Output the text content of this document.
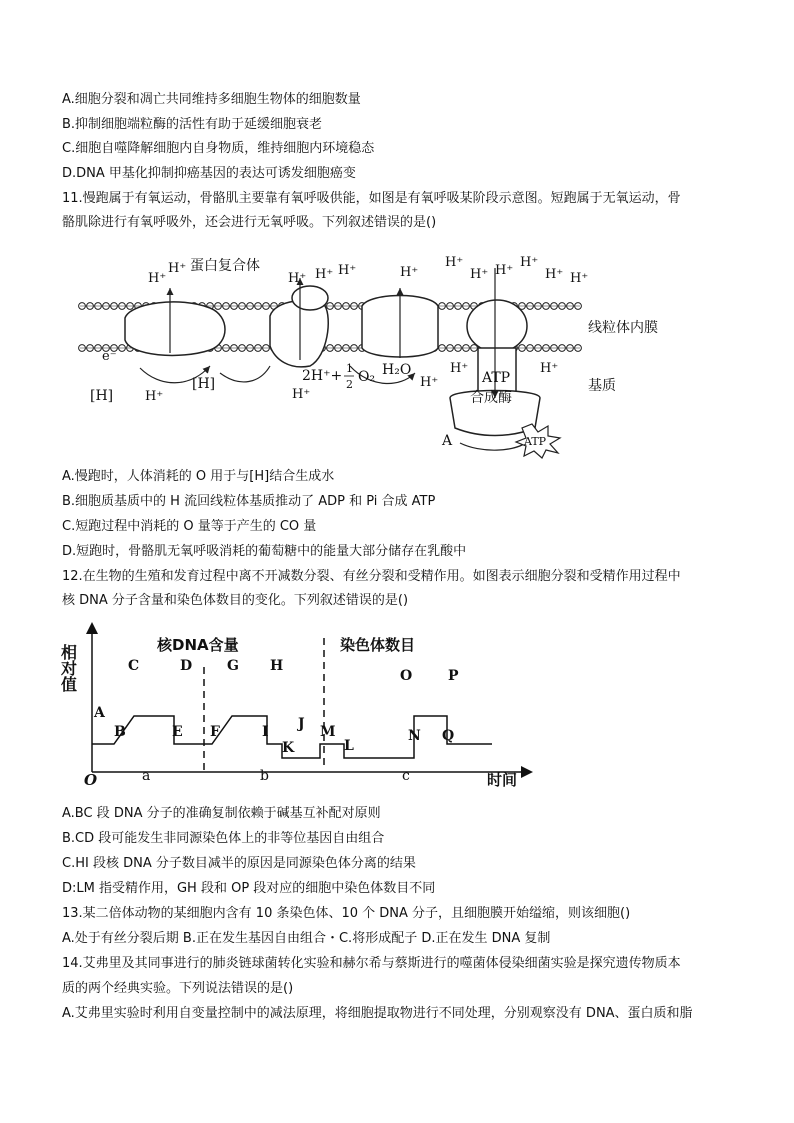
A.细胞分裂和凋亡共同维持多细胞生物体的细胞数量
B.抑制细胞端粒酶的活性有助于延缓细胞衰老
C.细胞自噬降解细胞内自身物质，维持细胞内环境稳态
D.DNA 甲基化抑制抑癌基因的表达可诱发细胞癌变
11.慢跑属于有氧运动，骨骼肌主要靠有氧呼吸供能，如图是有氧呼吸某阶段示意图。短跑属于无氧运动，骨
骼肌除进行有氧呼吸外，还会进行无氧呼吸。下列叙述错误的是()
蛋白复合体
线粒体内膜
基质
H⁺
H⁺
H⁺ H⁺ H⁺	H⁺
H⁺
H⁺ H⁺
H⁺
H⁺ H⁺
H⁺	H⁺
H⁺
H⁺	H⁺
e⁻
[H]
[H]	2H⁺+ 1
2 O₂ H₂O	ATP
合成酶
A	ATP
A.慢跑时，人体消耗的 O 用于与[H]结合生成水
B.细胞质基质中的 H 流回线粒体基质推动了 ADP 和 Pi 合成 ATP
C.短跑过程中消耗的 O 量等于产生的 CO 量
D.短跑时，骨骼肌无氧呼吸消耗的葡萄糖中的能量大部分储存在乳酸中
12.在生物的生殖和发育过程中离不开减数分裂、有丝分裂和受精作用。如图表示细胞分裂和受精作用过程中
核 DNA 分子含量和染色体数目的变化。下列叙述错误的是()
相对值
O	时间
核DNA含量	染色体数目
a	b	c
A
B
C	D
E F
G H
I J
K
M
L
N
O	P
Q
A.BC 段 DNA 分子的准确复制依赖于碱基互补配对原则
B.CD 段可能发生非同源染色体上的非等位基因自由组合
C.HI 段核 DNA 分子数目减半的原因是同源染色体分离的结果
D:LM 指受精作用，GH 段和 OP 段对应的细胞中染色体数目不同
13.某二倍体动物的某细胞内含有 10 条染色体、10 个 DNA 分子，且细胞膜开始缢缩，则该细胞()
A.处于有丝分裂后期 B.正在发生基因自由组合・C.将形成配子 D.正在发生 DNA 复制
14.艾弗里及其同事进行的肺炎链球菌转化实验和赫尔希与蔡斯进行的噬菌体侵染细菌实验是探究遗传物质本
质的两个经典实验。下列说法错误的是()
A.艾弗里实验时利用自变量控制中的减法原理，将细胞提取物进行不同处理，分别观察没有 DNA、蛋白质和脂
